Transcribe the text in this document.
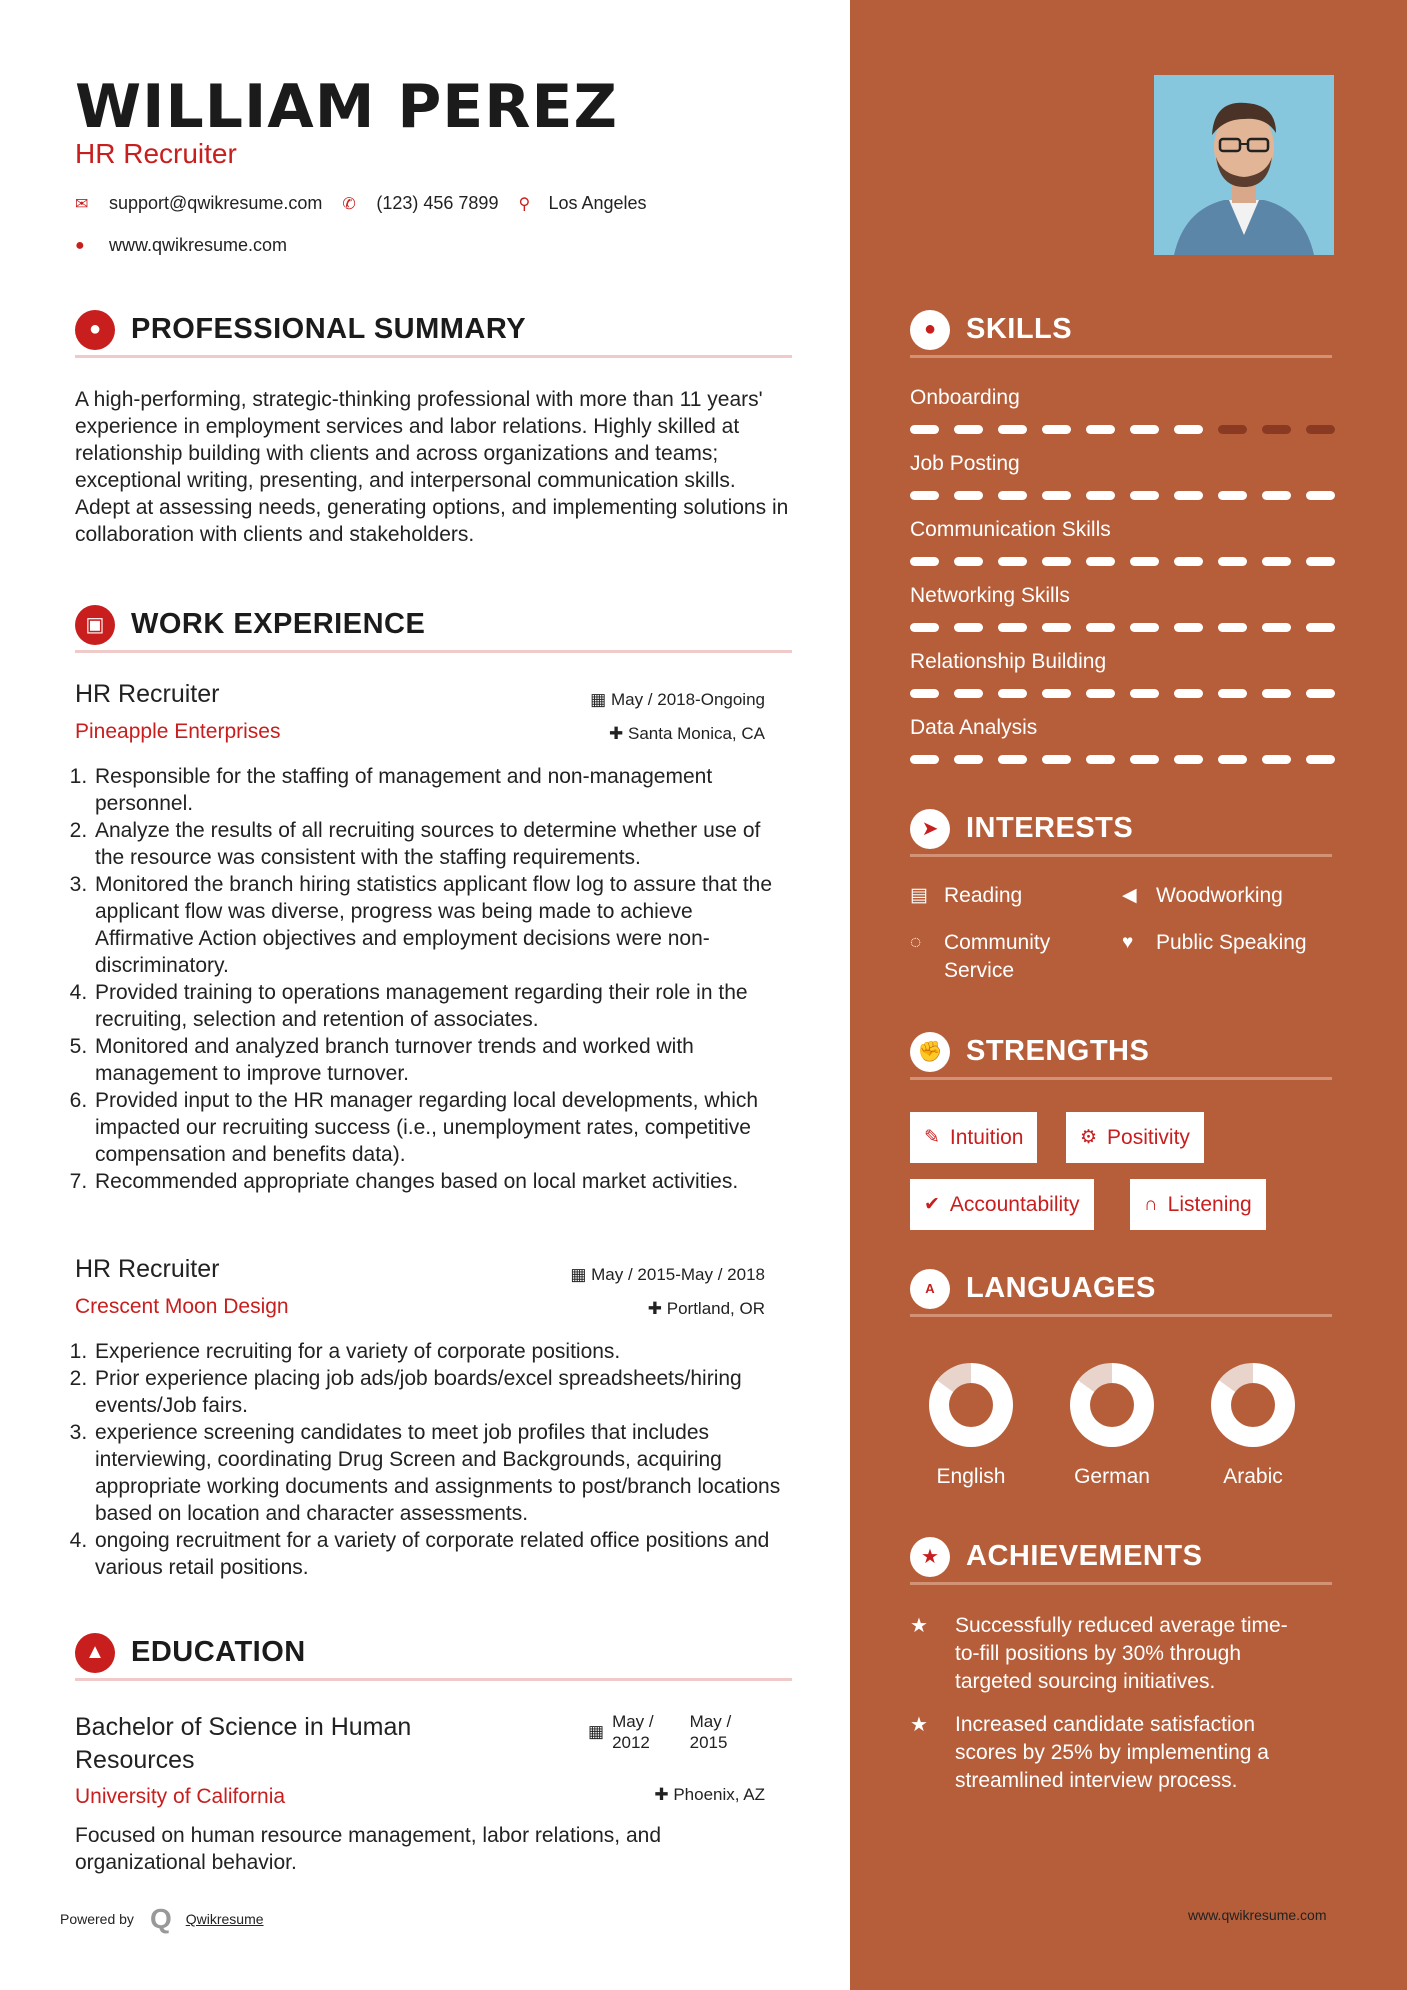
WILLIAM PEREZ
HR Recruiter
✉	support@qwikresume.com ✆	(123) 456 7899 ⚲	Los Angeles
●	www.qwikresume.com
●	PROFESSIONAL SUMMARY
A high-performing, strategic-thinking professional with more than 11 years' experience in employment services and labor relations. Highly skilled at relationship building with clients and across organizations and teams; exceptional writing, presenting, and interpersonal communication skills. Adept at assessing needs, generating options, and implementing solutions in collaboration with clients and stakeholders.
▣ WORK EXPERIENCE
HR Recruiter	▦ May / 2018-Ongoing
Pineapple Enterprises	✚ Santa Monica, CA
1. Responsible for the staffing of management and non-management personnel.
2. Analyze the results of all recruiting sources to determine whether use of the resource was consistent with the staffing requirements.
3. Monitored the branch hiring statistics applicant flow log to assure that the applicant flow was diverse, progress was being made to achieve Affirmative Action objectives and employment decisions were non-discriminatory.
4. Provided training to operations management regarding their role in the recruiting, selection and retention of associates.
5. Monitored and analyzed branch turnover trends and worked with management to improve turnover.
6. Provided input to the HR manager regarding local developments, which impacted our recruiting success (i.e., unemployment rates, competitive compensation and benefits data).
7. Recommended appropriate changes based on local market activities.
HR Recruiter	▦ May / 2015-May / 2018
Crescent Moon Design	✚ Portland, OR
1. Experience recruiting for a variety of corporate positions.
2. Prior experience placing job ads/job boards/excel spreadsheets/hiring events/Job fairs.
3. experience screening candidates to meet job profiles that includes interviewing, coordinating Drug Screen and Backgrounds, acquiring appropriate working documents and assignments to post/branch locations based on location and character assessments.
4. ongoing recruitment for a variety of corporate related office positions and various retail positions.
▲ EDUCATION
Bachelor of Science in Human
Resources
▦
May /
2012
May /
2015
University of California	✚ Phoenix, AZ
Focused on human resource management, labor relations, and organizational behavior.
Powered by Q Qwikresume
●	SKILLS
Onboarding
Job Posting
Communication Skills
Networking Skills
Relationship Building
Data Analysis
➤ INTERESTS
▤ Reading	◀ Woodworking
◌	Community
Service
♥	Public Speaking
✊ STRENGTHS
✎ Intuition	⚙ Positivity
✔ Accountability	∩ Listening
A	LANGUAGES
English	German	Arabic
★ ACHIEVEMENTS
★	Successfully reduced average time-
to-fill positions by 30% through
targeted sourcing initiatives.
★	Increased candidate satisfaction
scores by 25% by implementing a
streamlined interview process.
www.qwikresume.com
